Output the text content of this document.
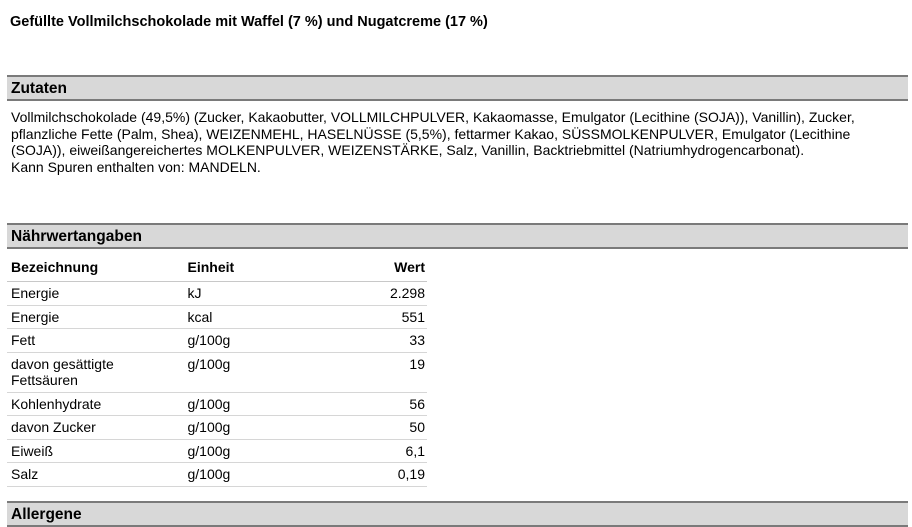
Gefüllte Vollmilchschokolade mit Waffel (7 %) und Nugatcreme (17 %)
Zutaten

Vollmilchschokolade (49,5%) (Zucker, Kakaobutter, VOLLMILCHPULVER, Kakaomasse, Emulgator (Lecithine (SOJA)), Vanillin), Zucker, pflanzliche Fette (Palm, Shea), WEIZENMEHL, HASELNÜSSE (5,5%), fettarmer Kakao, SÜSSMOLKENPULVER, Emulgator (Lecithine (SOJA)), eiweißangereichertes MOLKENPULVER, WEIZENSTÄRKE, Salz, Vanillin, Backtriebmittel (Natriumhydrogencarbonat).

Kann Spuren enthalten von: MANDELN.

Nährwertangaben
Bezeichnung	Einheit	Wert
Energie	kJ	2.298
Energie	kcal	551
Fett	g/100g	33
davon gesättigte Fettsäuren	g/100g	19
Kohlenhydrate	g/100g	56
davon Zucker	g/100g	50
Eiweiß	g/100g	6,1
Salz	g/100g	0,19
Allergene
